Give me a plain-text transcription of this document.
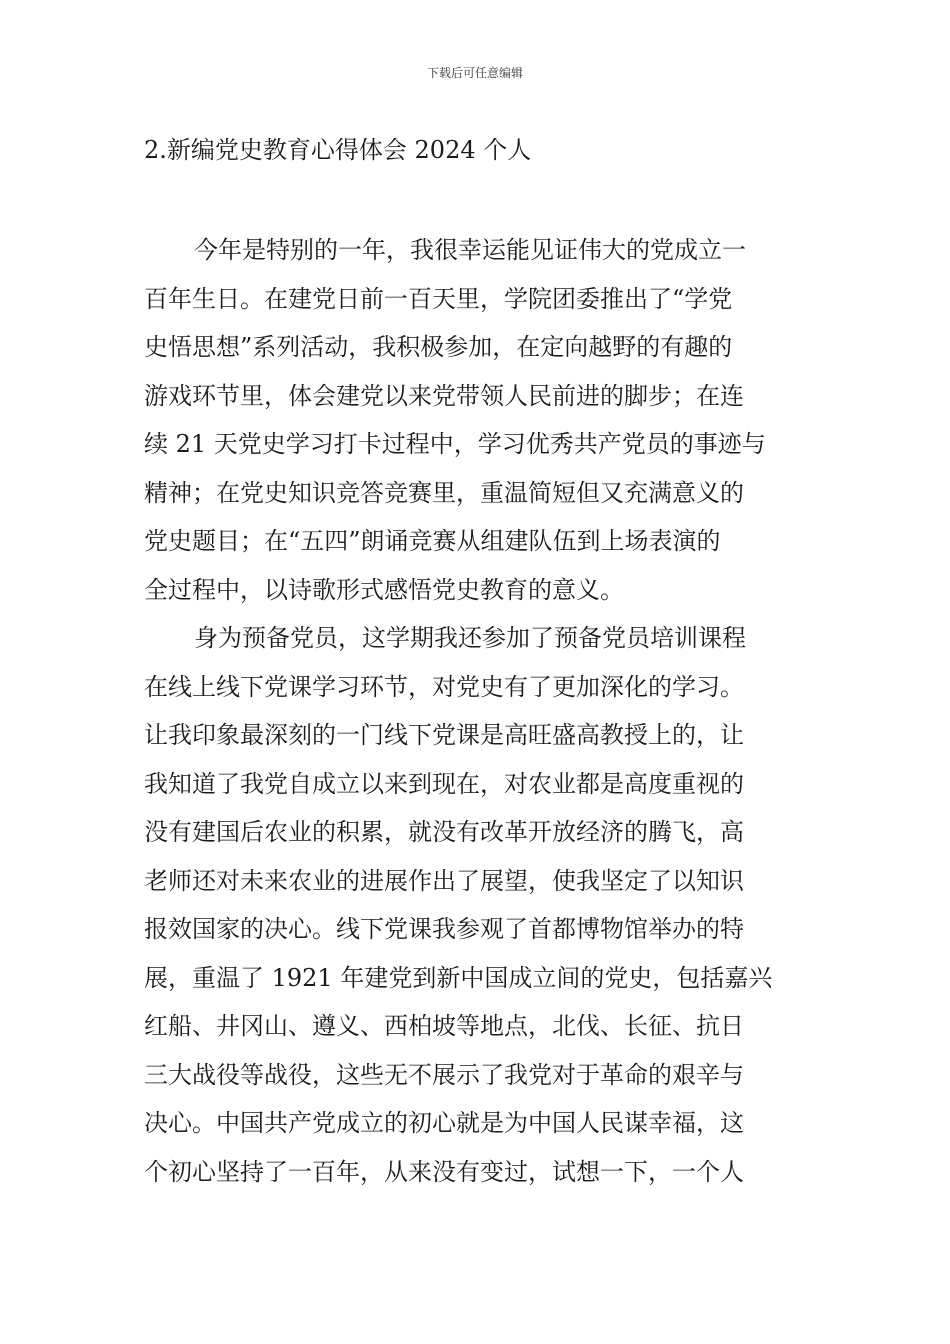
下载后可任意编辑
2.新编党史教育心得体会 2024 个人
今年是特别的一年，我很幸运能见证伟大的党成立一
百年生日。在建党日前一百天里，学院团委推出了“学党
史悟思想”系列活动，我积极参加，在定向越野的有趣的
游戏环节里，体会建党以来党带领人民前进的脚步；在连
续 21 天党史学习打卡过程中，学习优秀共产党员的事迹与
精神；在党史知识竞答竞赛里，重温简短但又充满意义的
党史题目；在“五四”朗诵竞赛从组建队伍到上场表演的
全过程中，以诗歌形式感悟党史教育的意义。
身为预备党员，这学期我还参加了预备党员培训课程
在线上线下党课学习环节，对党史有了更加深化的学习。
让我印象最深刻的一门线下党课是高旺盛高教授上的，让
我知道了我党自成立以来到现在，对农业都是高度重视的
没有建国后农业的积累，就没有改革开放经济的腾飞，高
老师还对未来农业的进展作出了展望，使我坚定了以知识
报效国家的决心。线下党课我参观了首都博物馆举办的特
展，重温了 1921 年建党到新中国成立间的党史，包括嘉兴
红船、井冈山、遵义、西柏坡等地点，北伐、长征、抗日
三大战役等战役，这些无不展示了我党对于革命的艰辛与
决心。中国共产党成立的初心就是为中国人民谋幸福，这
个初心坚持了一百年，从来没有变过，试想一下，一个人
